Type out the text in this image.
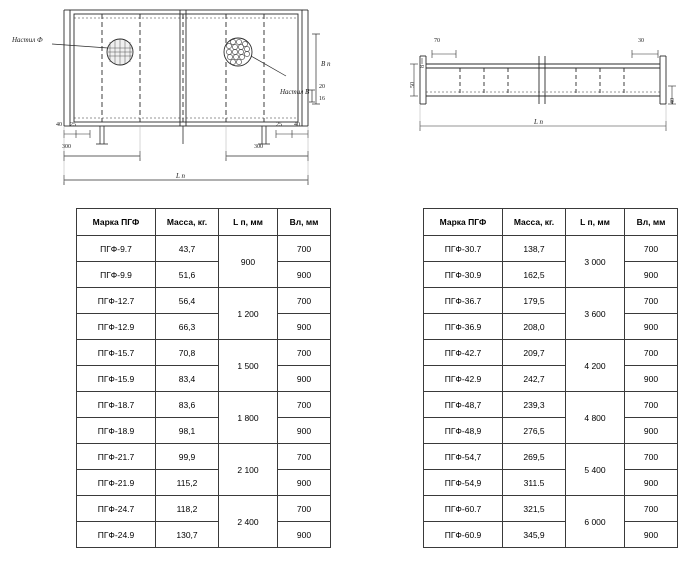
Настил Ф
Настил В
B п
L п
300	300
40 25	25 40
20
16
70	30
50
8
40
L п
Марка ПГФ	Масса, кг.	L п, мм	Вл, мм
ПГФ-9.7	43,7	900	700
ПГФ-9.9	51,6		900
ПГФ-12.7	56,4	1 200	700
ПГФ-12.9	66,3		900
ПГФ-15.7	70,8	1 500	700
ПГФ-15.9	83,4		900
ПГФ-18.7	83,6	1 800	700
ПГФ-18.9	98,1		900
ПГФ-21.7	99,9	2 100	700
ПГФ-21.9	115,2		900
ПГФ-24.7	118,2	2 400	700
ПГФ-24.9	130,7		900
Марка ПГФ	Масса, кг.	L п, мм	Вл, мм
ПГФ-30.7	138,7	3 000	700
ПГФ-30.9	162,5		900
ПГФ-36.7	179,5	3 600	700
ПГФ-36.9	208,0		900
ПГФ-42.7	209,7	4 200	700
ПГФ-42.9	242,7		900
ПГФ-48,7	239,3	4 800	700
ПГФ-48,9	276,5		900
ПГФ-54,7	269,5	5 400	700
ПГФ-54,9	311.5		900
ПГФ-60.7	321,5	6 000	700
ПГФ-60.9	345,9		900
